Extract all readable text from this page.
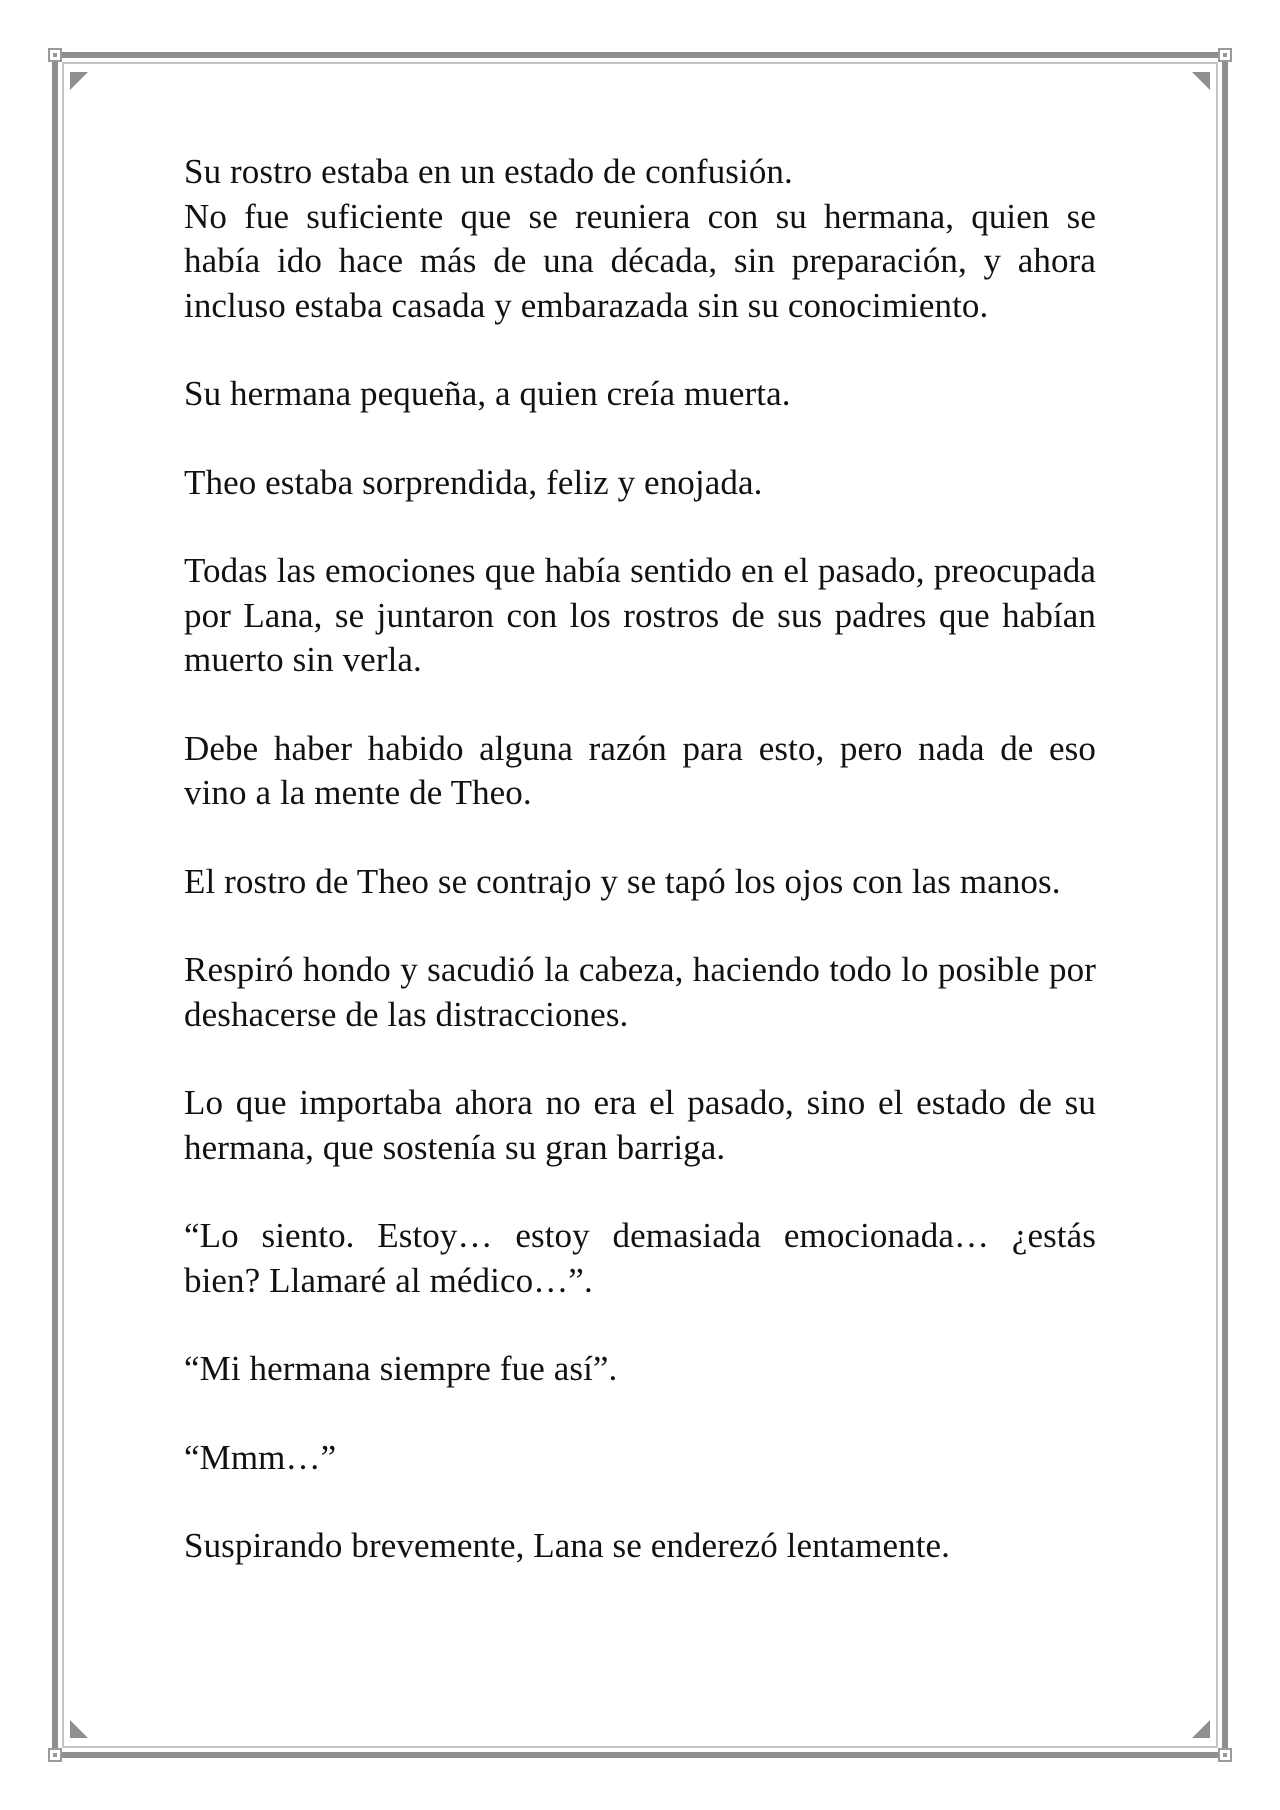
Su rostro estaba en un estado de confusión.
No fue suficiente que se reuniera con su hermana, quien se había ido hace más de una década, sin preparación, y ahora incluso estaba casada y embarazada sin su conocimiento.

Su hermana pequeña, a quien creía muerta.

Theo estaba sorprendida, feliz y enojada.

Todas las emociones que había sentido en el pasado, preocupada por Lana, se juntaron con los rostros de sus padres que habían muerto sin verla.

Debe haber habido alguna razón para esto, pero nada de eso vino a la mente de Theo.

El rostro de Theo se contrajo y se tapó los ojos con las manos.

Respiró hondo y sacudió la cabeza, haciendo todo lo posible por deshacerse de las distracciones.

Lo que importaba ahora no era el pasado, sino el estado de su hermana, que sostenía su gran barriga.

“Lo siento. Estoy… estoy demasiada emocionada… ¿estás bien? Llamaré al médico…”.

“Mi hermana siempre fue así”.

“Mmm…”

Suspirando brevemente, Lana se enderezó lentamente.
